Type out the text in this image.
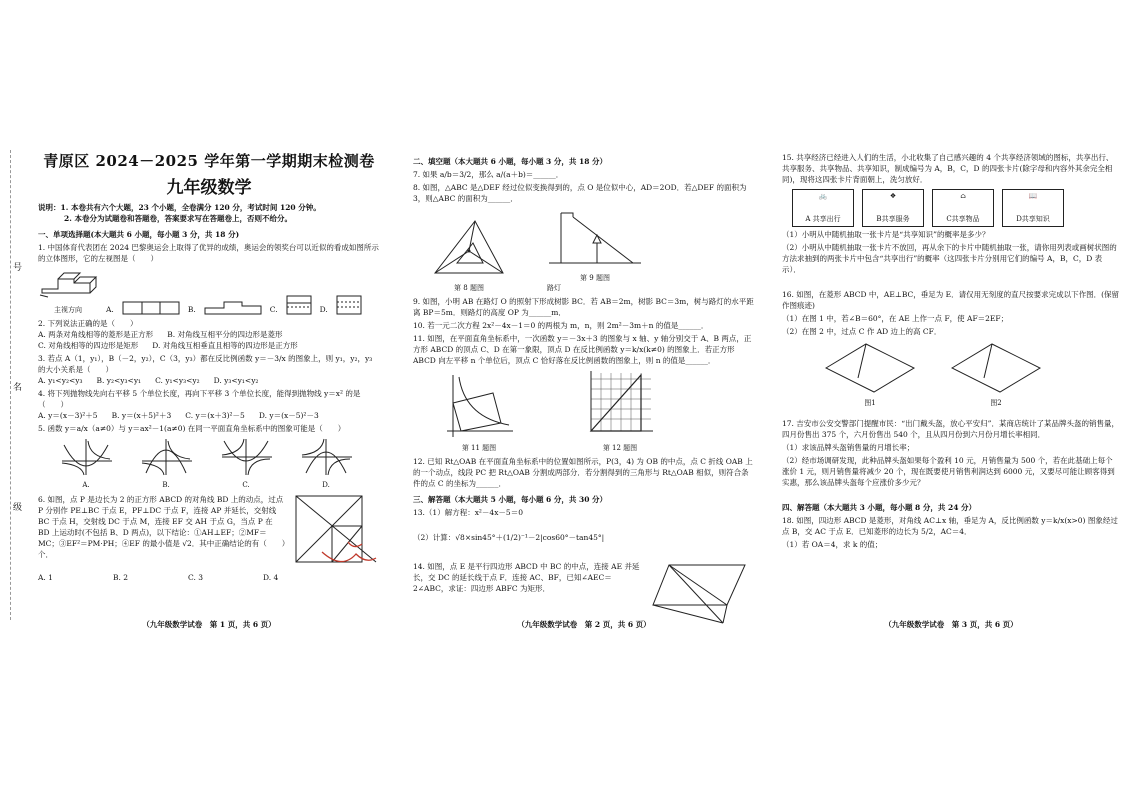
号
名
级
青原区 2024－2025 学年第一学期期末检测卷
九年级数学
说明：1. 本卷共有六个大题，23 个小题，全卷满分 120 分，考试时间 120 分钟。
2. 本卷分为试题卷和答题卷，答案要求写在答题卷上，否则不给分。
一、单项选择题(本大题共 6 小题，每小题 3 分，共 18 分)
1. 中国体育代表团在 2024 巴黎奥运会上取得了优异的成绩，奥运会的领奖台可以近似的看成如图所示的立体图形，它的左视图是（　　）
主视方向	A.	B.	C.	D.
2. 下列说法正确的是（　　）
A. 两条对角线相等的菱形是正方形 B. 对角线互相平分的四边形是菱形
C. 对角线相等的四边形是矩形 D. 对角线互相垂直且相等的四边形是正方形
3. 若点 A（1，y₁），B（－2，y₂），C（3，y₃）都在反比例函数 y＝－3/x 的图象上，则 y₁，y₂，y₃ 的大小关系是（　　）
A. y₁<y₂<y₃ B. y₂<y₃<y₁ C. y₁<y₃<y₂ D. y₃<y₁<y₂
4. 将下列抛物线先向右平移 5 个单位长度，再向下平移 3 个单位长度，能得到抛物线 y＝x² 的是（　　）
A. y＝(x－3)²＋5 B. y＝(x＋5)²＋3 C. y＝(x＋3)²－5 D. y＝(x－5)²－3
5. 函数 y＝a/x（a≠0）与 y＝ax²－1(a≠0) 在同一平面直角坐标系中的图象可能是（　　）
A.	B.	C.	D.
6. 如图，点 P 是边长为 2 的正方形 ABCD 的对角线 BD 上的动点，过点 P 分别作 PE⊥BC 于点 E，PF⊥DC 于点 F，连接 AP 并延长，交射线 BC 于点 H，交射线 DC 于点 M，连接 EF 交 AH 于点 G，当点 P 在 BD 上运动时(不包括 B、D 两点)，以下结论：①AH⊥EF；②MF＝MC；③EF²＝PM·PH；④EF 的最小值是 √2．其中正确结论的有（　　）个．
A. 1	B. 2	C. 3	D. 4
（九年级数学试卷　第 1 页，共 6 页）
二、填空题（本大题共 6 小题，每小题 3 分，共 18 分）
7. 如果 a/b＝3/2，那么 a/(a＋b)＝______．
8. 如图，△ABC 是△DEF 经过位似变换得到的，点 O 是位似中心，AD＝2OD．若△DEF 的面积为 3，则△ABC 的面积为______．
第 8 题图
第 9 题图
路灯
9. 如图，小明 AB 在路灯 O 的照射下形成树影 BC．若 AB＝2m，树影 BC＝3m，树与路灯的水平距离 BP＝5m．则路灯的高度 OP 为______m．
10. 若一元二次方程 2x²－4x－1＝0 的两根为 m，n，则 2m²－3m＋n 的值是______．
11. 如图，在平面直角坐标系中，一次函数 y＝－3x＋3 的图象与 x 轴、y 轴分别交于 A、B 两点，正方形 ABCD 的顶点 C、D 在第一象限，顶点 D 在反比例函数 y＝k/x(k≠0) 的图象上．若正方形 ABCD 向左平移 n 个单位后，顶点 C 恰好落在反比例函数的图象上，则 n 的值是______．
第 11 题图	第 12 题图
12. 已知 Rt△OAB 在平面直角坐标系中的位置如图所示，P(3，4) 为 OB 的中点，点 C 折线 OAB 上的一个动点，线段 PC 把 Rt△OAB 分割成两部分．若分割得到的三角形与 Rt△OAB 相似，则符合条件的点 C 的坐标为______．
三、解答题（本大题共 5 小题，每小题 6 分，共 30 分）
13.（1）解方程：x²－4x－5＝0
（2）计算：√8×sin45°＋(1/2)⁻¹－2|cos60°－tan45°|
14. 如图，点 E 是平行四边形 ABCD 中 BC 的中点，连接 AE 并延长，交 DC 的延长线于点 F．连接 AC、BF，已知∠AEC＝2∠ABC，求证：四边形 ABFC 为矩形．
（九年级数学试卷　第 2 页，共 6 页）
15. 共享经济已经进入人们的生活，小北收集了自己感兴趣的 4 个共享经济领域的图标，共享出行、共享服务、共享物品、共享知识，制成编号为 A，B，C，D 的四张卡片(除字母和内容外其余完全相同)，现将这四张卡片背面朝上，洗匀放好．
🚲
A 共享出行
❖
B共享服务
⌂
C共享物品
📖
D共享知识
（1）小明从中随机抽取一张卡片是“共享知识”的概率是多少？
（2）小明从中随机抽取一张卡片不放回，再从余下的卡片中随机抽取一张，请你用列表或画树状图的方法求抽到的两张卡片中包含“共享出行”的概率（这四张卡片分别用它们的编号 A，B，C，D 表示）．
16. 如图，在菱形 ABCD 中，AE⊥BC，垂足为 E．请仅用无刻度的直尺按要求完成以下作图．(保留作图痕迹)
（1）在图 1 中，若∠B＝60°，在 AE 上作一点 F，使 AF＝2EF；
（2）在图 2 中，过点 C 作 AD 边上的高 CF．
图1	图2
17. 吉安市公安交警部门提醒市民：“出门戴头盔，放心平安归”．某商店统计了某品牌头盔的销售量，四月份售出 375 个，六月份售出 540 个，且从四月份到六月份月增长率相同．
（1）求该品牌头盔销售量的月增长率；
（2）经市场调研发现，此种品牌头盔如果每个盈利 10 元，月销售量为 500 个，若在此基础上每个涨价 1 元，则月销售量将减少 20 个，现在既要使月销售利润达到 6000 元，又要尽可能让顾客得到实惠，那么该品牌头盔每个应涨价多少元？
四、解答题（本大题共 3 小题，每小题 8 分，共 24 分）
18. 如图，四边形 ABCD 是菱形，对角线 AC⊥x 轴，垂足为 A，反比例函数 y＝k/x(x>0) 图象经过点 B，交 AC 于点 E．已知菱形的边长为 5/2，AC＝4．
（1）若 OA＝4，求 k 的值；
（九年级数学试卷　第 3 页，共 6 页）
